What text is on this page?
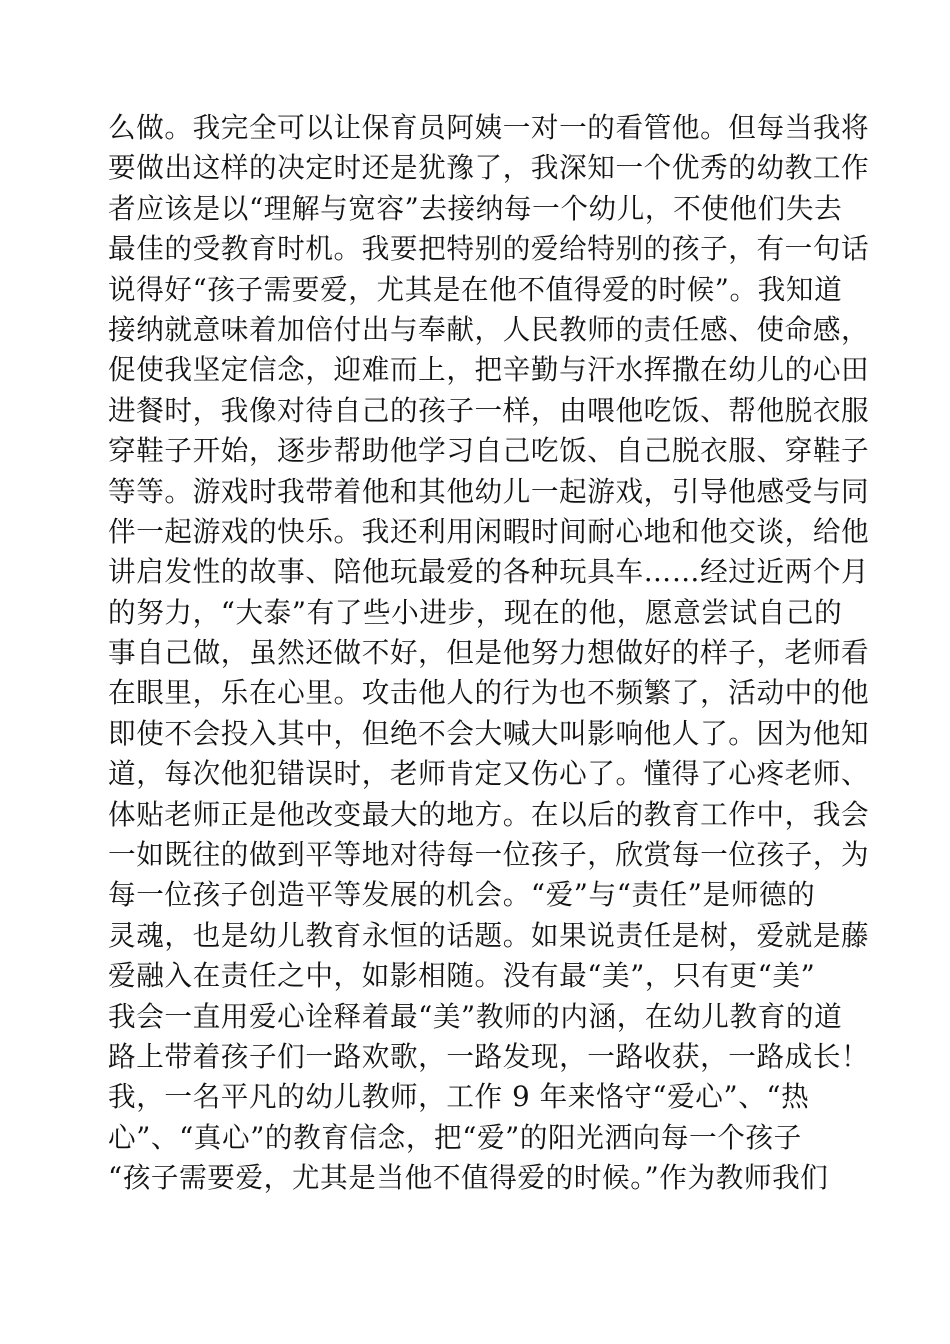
么做。我完全可以让保育员阿姨一对一的看管他。但每当我将
要做出这样的决定时还是犹豫了，我深知一个优秀的幼教工作
者应该是以“理解与宽容”去接纳每一个幼儿，不使他们失去
最佳的受教育时机。我要把特别的爱给特别的孩子，有一句话
说得好“孩子需要爱，尤其是在他不值得爱的时候”。我知道
接纳就意味着加倍付出与奉献，人民教师的责任感、使命感，
促使我坚定信念，迎难而上，把辛勤与汗水挥撒在幼儿的心田
进餐时，我像对待自己的孩子一样，由喂他吃饭、帮他脱衣服
穿鞋子开始，逐步帮助他学习自己吃饭、自己脱衣服、穿鞋子
等等。游戏时我带着他和其他幼儿一起游戏，引导他感受与同
伴一起游戏的快乐。我还利用闲暇时间耐心地和他交谈，给他
讲启发性的故事、陪他玩最爱的各种玩具车……经过近两个月
的努力，“大泰”有了些小进步，现在的他，愿意尝试自己的
事自己做，虽然还做不好，但是他努力想做好的样子，老师看
在眼里，乐在心里。攻击他人的行为也不频繁了，活动中的他
即使不会投入其中，但绝不会大喊大叫影响他人了。因为他知
道，每次他犯错误时，老师肯定又伤心了。懂得了心疼老师、
体贴老师正是他改变最大的地方。在以后的教育工作中，我会
一如既往的做到平等地对待每一位孩子，欣赏每一位孩子，为
每一位孩子创造平等发展的机会。“爱”与“责任”是师德的
灵魂，也是幼儿教育永恒的话题。如果说责任是树，爱就是藤
爱融入在责任之中，如影相随。没有最“美”，只有更“美”
我会一直用爱心诠释着最“美”教师的内涵，在幼儿教育的道
路上带着孩子们一路欢歌，一路发现，一路收获，一路成长！
我，一名平凡的幼儿教师，工作 9 年来恪守“爱心”、“热
心”、“真心”的教育信念，把“爱”的阳光洒向每一个孩子
“孩子需要爱，尤其是当他不值得爱的时候。”作为教师我们
